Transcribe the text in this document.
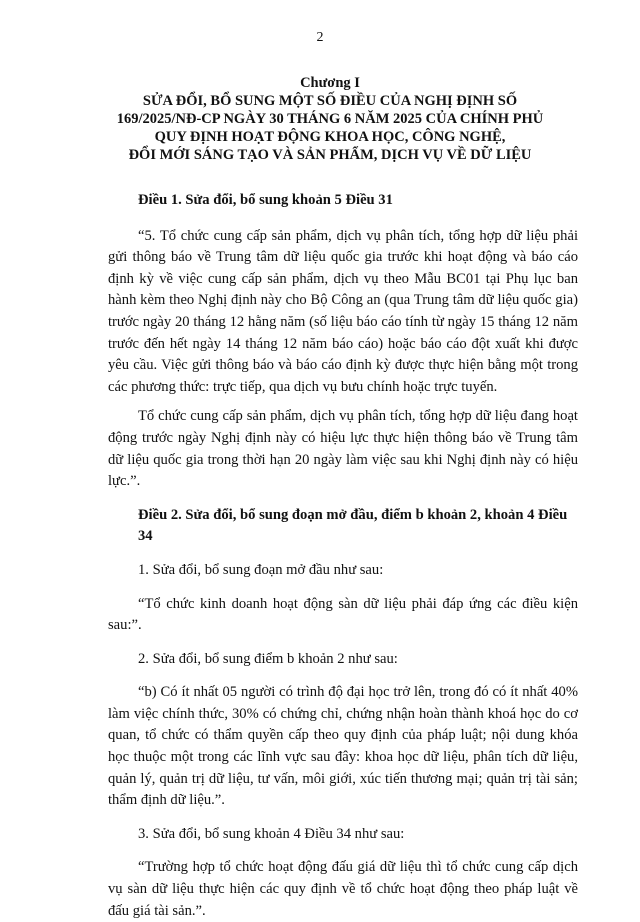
2
Chương I
SỬA ĐỔI, BỔ SUNG MỘT SỐ ĐIỀU CỦA NGHỊ ĐỊNH SỐ
169/2025/NĐ-CP NGÀY 30 THÁNG 6 NĂM 2025 CỦA CHÍNH PHỦ
QUY ĐỊNH HOẠT ĐỘNG KHOA HỌC, CÔNG NGHỆ,
ĐỔI MỚI SÁNG TẠO VÀ SẢN PHẨM, DỊCH VỤ VỀ DỮ LIỆU
Điều 1. Sửa đổi, bổ sung khoản 5 Điều 31

“5. Tổ chức cung cấp sản phẩm, dịch vụ phân tích, tổng hợp dữ liệu phải gửi thông báo về Trung tâm dữ liệu quốc gia trước khi hoạt động và báo cáo định kỳ về việc cung cấp sản phẩm, dịch vụ theo Mẫu BC01 tại Phụ lục ban hành kèm theo Nghị định này cho Bộ Công an (qua Trung tâm dữ liệu quốc gia) trước ngày 20 tháng 12 hằng năm (số liệu báo cáo tính từ ngày 15 tháng 12 năm trước đến hết ngày 14 tháng 12 năm báo cáo) hoặc báo cáo đột xuất khi được yêu cầu. Việc gửi thông báo và báo cáo định kỳ được thực hiện bằng một trong các phương thức: trực tiếp, qua dịch vụ bưu chính hoặc trực tuyến.

Tổ chức cung cấp sản phẩm, dịch vụ phân tích, tổng hợp dữ liệu đang hoạt động trước ngày Nghị định này có hiệu lực thực hiện thông báo về Trung tâm dữ liệu quốc gia trong thời hạn 20 ngày làm việc sau khi Nghị định này có hiệu lực.”.

Điều 2. Sửa đổi, bổ sung đoạn mở đầu, điểm b khoản 2, khoản 4 Điều 34

1. Sửa đổi, bổ sung đoạn mở đầu như sau:

“Tổ chức kinh doanh hoạt động sàn dữ liệu phải đáp ứng các điều kiện sau:”.

2. Sửa đổi, bổ sung điểm b khoản 2 như sau:

“b) Có ít nhất 05 người có trình độ đại học trở lên, trong đó có ít nhất 40% làm việc chính thức, 30% có chứng chỉ, chứng nhận hoàn thành khoá học do cơ quan, tổ chức có thẩm quyền cấp theo quy định của pháp luật; nội dung khóa học thuộc một trong các lĩnh vực sau đây: khoa học dữ liệu, phân tích dữ liệu, quản lý, quản trị dữ liệu, tư vấn, môi giới, xúc tiến thương mại; quản trị tài sản; thẩm định dữ liệu.”.

3. Sửa đổi, bổ sung khoản 4 Điều 34 như sau:

“Trường hợp tổ chức hoạt động đấu giá dữ liệu thì tổ chức cung cấp dịch vụ sàn dữ liệu thực hiện các quy định về tổ chức hoạt động theo pháp luật về đấu giá tài sản.”.
